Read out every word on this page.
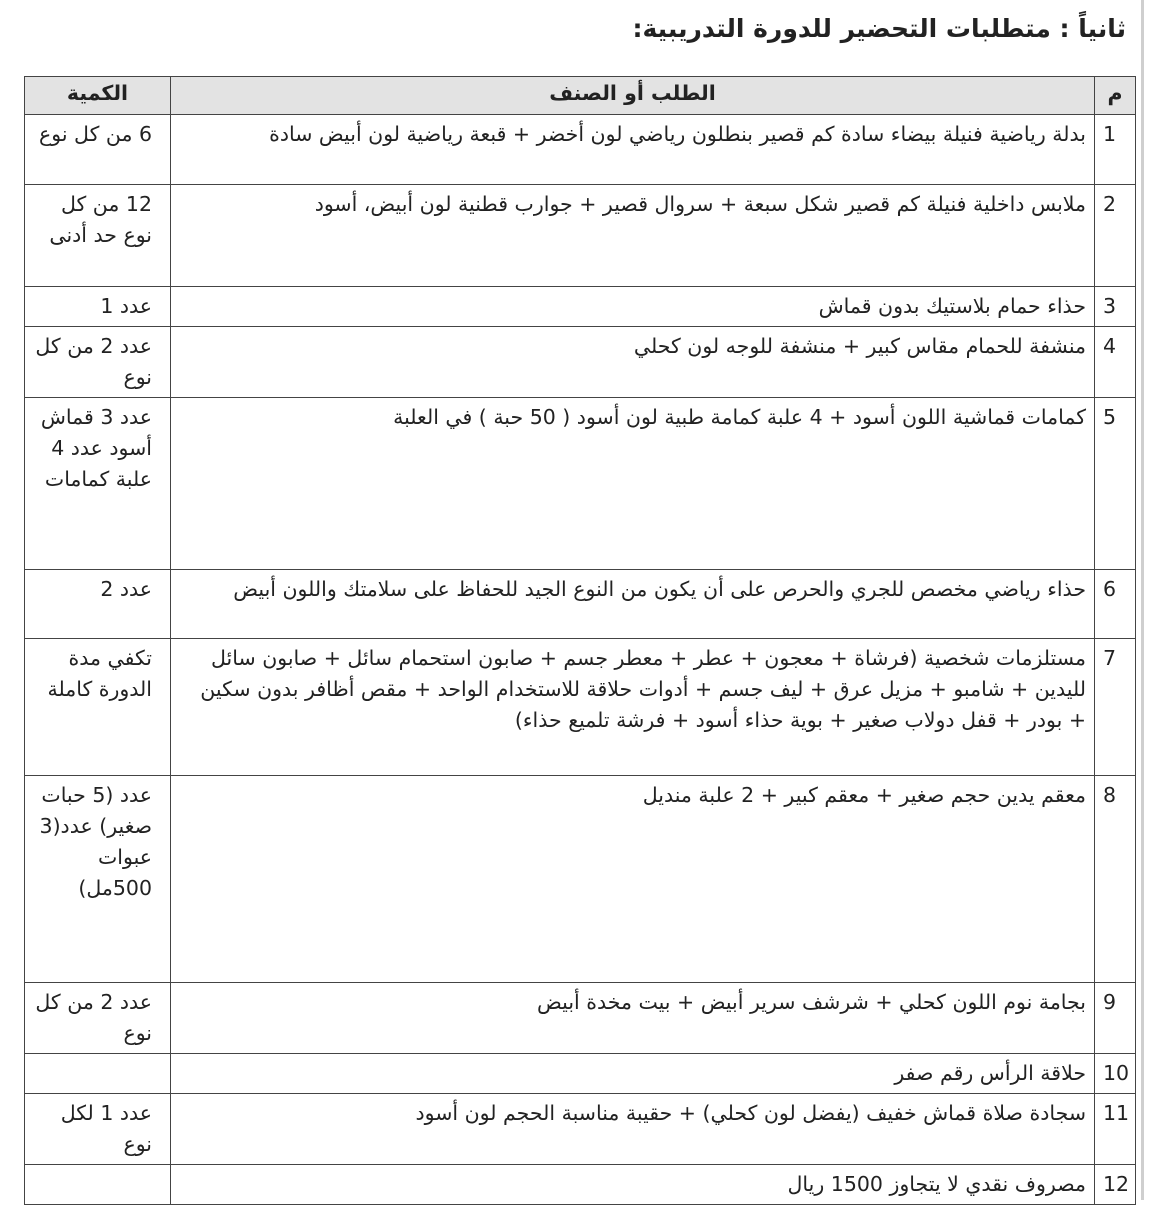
ثانياً : متطلبات التحضير للدورة التدريبية:
م	الطلب أو الصنف	الكمية
1	بدلة رياضية فنيلة بيضاء سادة كم قصير بنطلون رياضي لون أخضر + قبعة رياضية لون أبيض سادة	6 من كل نوع
2	ملابس داخلية فنيلة كم قصير شكل سبعة + سروال قصير + جوارب قطنية لون أبيض، أسود	12 من كل نوع حد أدنى
3	حذاء حمام بلاستيك بدون قماش	عدد 1
4	منشفة للحمام مقاس كبير + منشفة للوجه لون كحلي	عدد 2 من كل نوع
5	كمامات قماشية اللون أسود + 4 علبة كمامة طبية لون أسود ( 50 حبة ) في العلبة	عدد 3 قماش أسود عدد 4 علبة كمامات
6	حذاء رياضي مخصص للجري والحرص على أن يكون من النوع الجيد للحفاظ على سلامتك واللون أبيض	عدد 2
7	مستلزمات شخصية (فرشاة + معجون + عطر + معطر جسم + صابون استحمام سائل + صابون سائل لليدين + شامبو + مزيل عرق + ليف جسم + أدوات حلاقة للاستخدام الواحد + مقص أظافر بدون سكين + بودر + قفل دولاب صغير + بوية حذاء أسود + فرشة تلميع حذاء)	تكفي مدة الدورة كاملة
8	معقم يدين حجم صغير + معقم كبير + 2 علبة منديل	عدد (5 حبات صغير) عدد(3 عبوات 500مل)
9	بجامة نوم اللون كحلي + شرشف سرير أبيض + بيت مخدة أبيض	عدد 2 من كل نوع
10	حلاقة الرأس رقم صفر	
11	سجادة صلاة قماش خفيف (يفضل لون كحلي) + حقيبة مناسبة الحجم لون أسود	عدد 1 لكل نوع
12	مصروف نقدي لا يتجاوز 1500 ريال	
